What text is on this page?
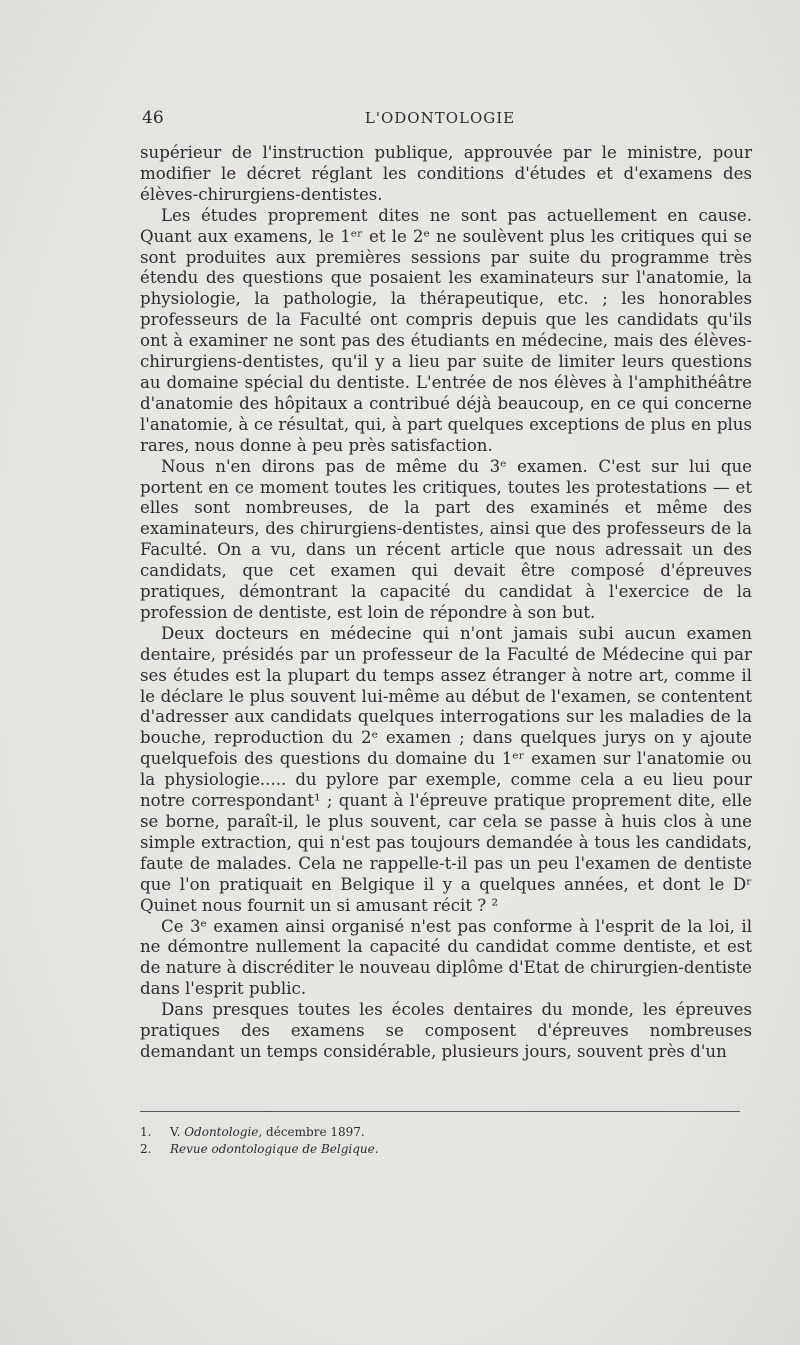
46	L'ODONTOLOGIE

supérieur de l'instruction publique, approuvée par le ministre, pour modifier le décret réglant les conditions d'études et d'examens des élèves-chirurgiens-dentistes.

Les études proprement dites ne sont pas actuellement en cause. Quant aux examens, le 1ᵉʳ et le 2ᵉ ne soulèvent plus les critiques qui se sont produites aux premières sessions par suite du programme très étendu des questions que posaient les examinateurs sur l'anatomie, la physiologie, la pathologie, la thérapeutique, etc. ; les honorables professeurs de la Faculté ont compris depuis que les candidats qu'ils ont à examiner ne sont pas des étudiants en médecine, mais des élèves-chirurgiens-dentistes, qu'il y a lieu par suite de limiter leurs questions au domaine spécial du dentiste. L'entrée de nos élèves à l'amphithéâtre d'anatomie des hôpitaux a contribué déjà beaucoup, en ce qui concerne l'anatomie, à ce résultat, qui, à part quelques exceptions de plus en plus rares, nous donne à peu près satisfaction.

Nous n'en dirons pas de même du 3ᵉ examen. C'est sur lui que portent en ce moment toutes les critiques, toutes les protestations — et elles sont nombreuses, de la part des examinés et même des examinateurs, des chirurgiens-dentistes, ainsi que des professeurs de la Faculté. On a vu, dans un récent article que nous adressait un des candidats, que cet examen qui devait être composé d'épreuves pratiques, démontrant la capacité du candidat à l'exercice de la profession de dentiste, est loin de répondre à son but.

Deux docteurs en médecine qui n'ont jamais subi aucun examen dentaire, présidés par un professeur de la Faculté de Médecine qui par ses études est la plupart du temps assez étranger à notre art, comme il le déclare le plus souvent lui-même au début de l'examen, se contentent d'adresser aux candidats quelques interrogations sur les maladies de la bouche, reproduction du 2ᵉ examen ; dans quelques jurys on y ajoute quelquefois des questions du domaine du 1ᵉʳ examen sur l'anatomie ou la physiologie..... du pylore par exemple, comme cela a eu lieu pour notre correspondant¹ ; quant à l'épreuve pratique proprement dite, elle se borne, paraît-il, le plus souvent, car cela se passe à huis clos à une simple extraction, qui n'est pas toujours demandée à tous les candidats, faute de malades. Cela ne rappelle-t-il pas un peu l'examen de dentiste que l'on pratiquait en Belgique il y a quelques années, et dont le Dʳ Quinet nous fournit un si amusant récit ? ²

Ce 3ᵉ examen ainsi organisé n'est pas conforme à l'esprit de la loi, il ne démontre nullement la capacité du candidat comme dentiste, et est de nature à discréditer le nouveau diplôme d'Etat de chirurgien-dentiste dans l'esprit public.

Dans presques toutes les écoles dentaires du monde, les épreuves pratiques des examens se composent d'épreuves nombreuses demandant un temps considérable, plusieurs jours, souvent près d'un

1. V. Odontologie, décembre 1897.

2. Revue odontologique de Belgique.
